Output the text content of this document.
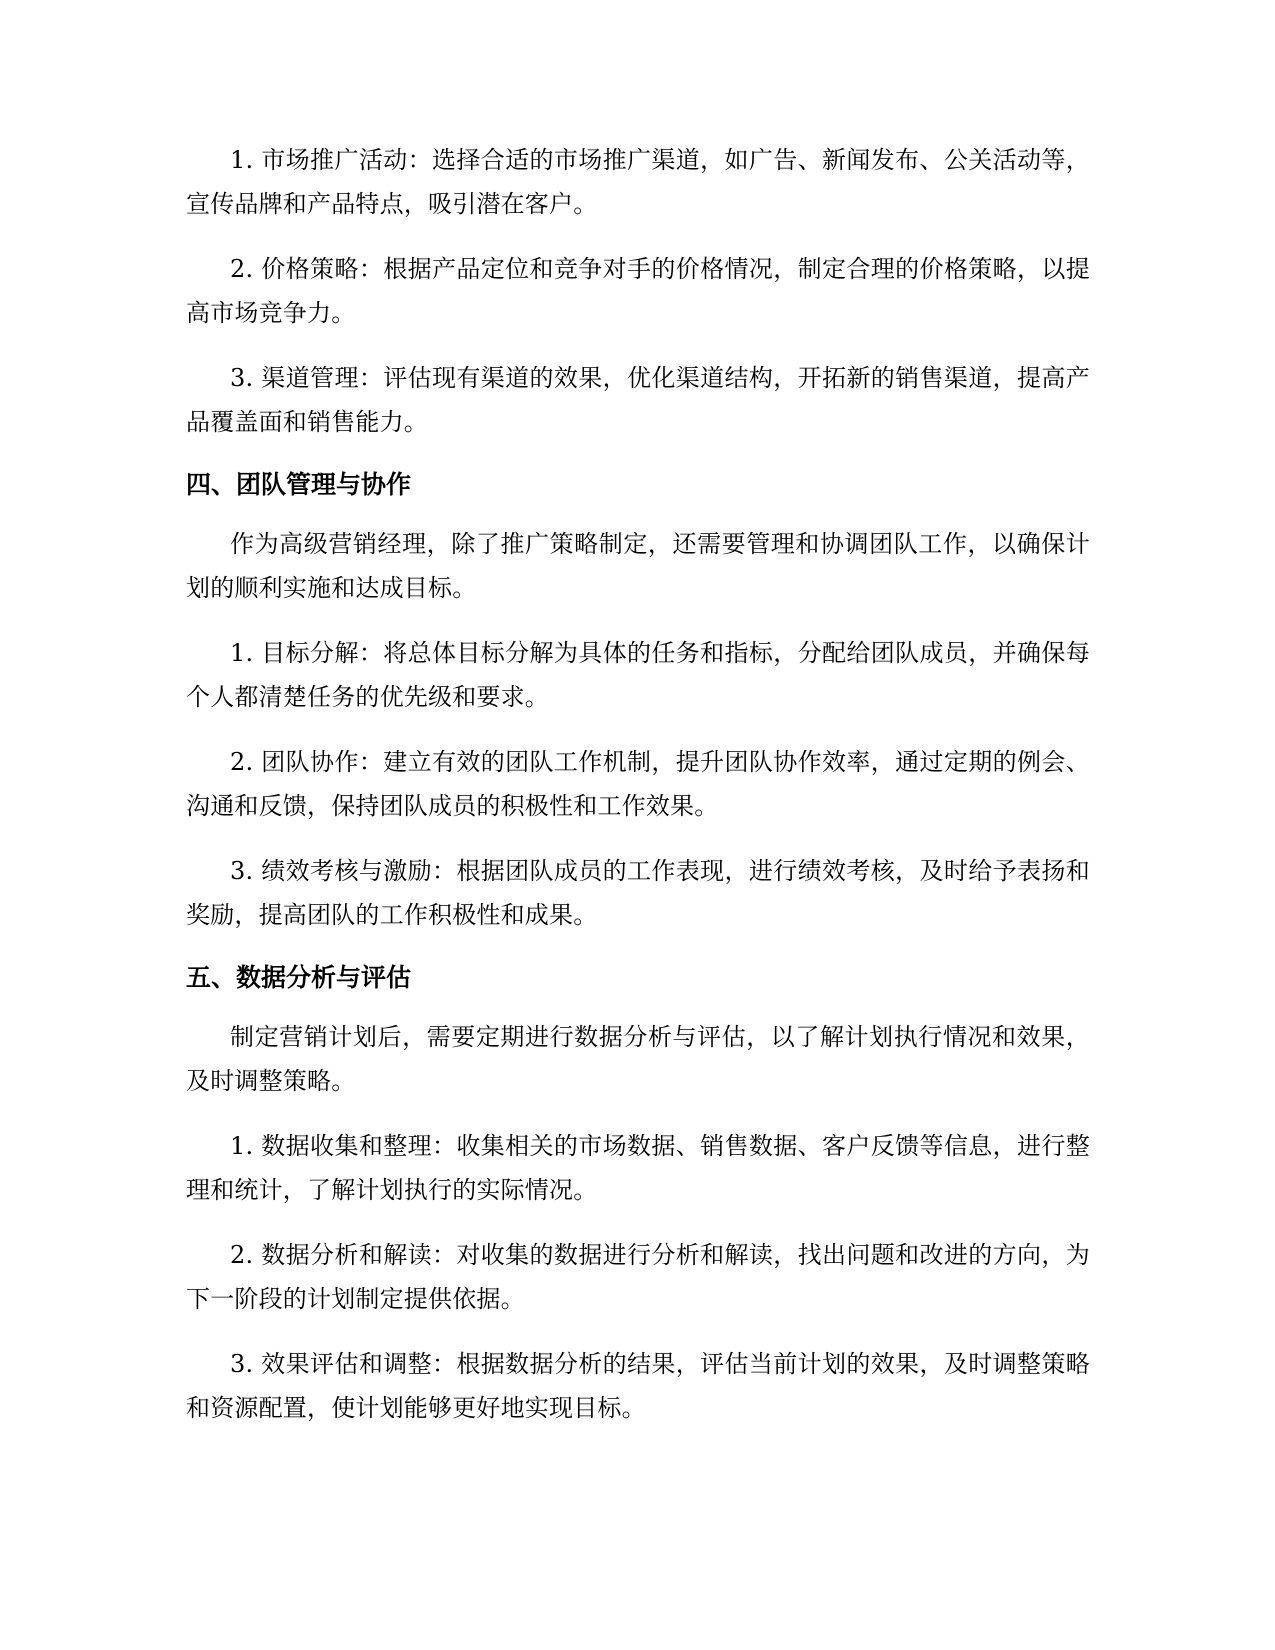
1. 市场推广活动：选择合适的市场推广渠道，如广告、新闻发布、公关活动等，宣传品牌和产品特点，吸引潜在客户。

2. 价格策略：根据产品定位和竞争对手的价格情况，制定合理的价格策略，以提高市场竞争力。

3. 渠道管理：评估现有渠道的效果，优化渠道结构，开拓新的销售渠道，提高产品覆盖面和销售能力。

四、团队管理与协作

作为高级营销经理，除了推广策略制定，还需要管理和协调团队工作，以确保计划的顺利实施和达成目标。

1. 目标分解：将总体目标分解为具体的任务和指标，分配给团队成员，并确保每个人都清楚任务的优先级和要求。

2. 团队协作：建立有效的团队工作机制，提升团队协作效率，通过定期的例会、沟通和反馈，保持团队成员的积极性和工作效果。

3. 绩效考核与激励：根据团队成员的工作表现，进行绩效考核，及时给予表扬和奖励，提高团队的工作积极性和成果。

五、数据分析与评估

制定营销计划后，需要定期进行数据分析与评估，以了解计划执行情况和效果，及时调整策略。

1. 数据收集和整理：收集相关的市场数据、销售数据、客户反馈等信息，进行整理和统计，了解计划执行的实际情况。

2. 数据分析和解读：对收集的数据进行分析和解读，找出问题和改进的方向，为下一阶段的计划制定提供依据。

3. 效果评估和调整：根据数据分析的结果，评估当前计划的效果，及时调整策略和资源配置，使计划能够更好地实现目标。
